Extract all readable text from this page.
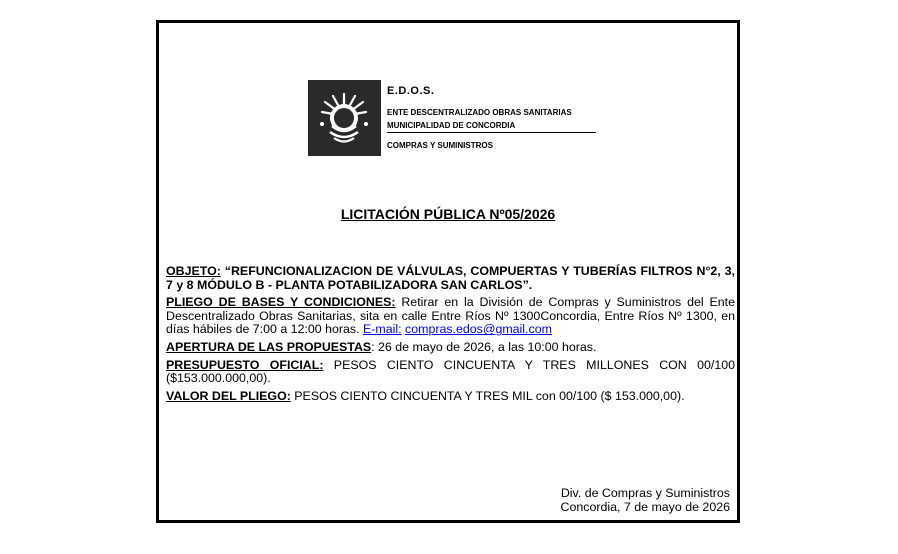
E.D.O.S.
ENTE DESCENTRALIZADO OBRAS SANITARIAS
MUNICIPALIDAD DE CONCORDIA
COMPRAS Y SUMINISTROS
LICITACIÓN PÚBLICA Nº05/2026

OBJETO: “REFUNCIONALIZACION DE VÁLVULAS, COMPUERTAS Y TUBERÍAS FILTROS N°2, 3, 7 y 8 MÓDULO B - PLANTA POTABILIZADORA SAN CARLOS”.

PLIEGO DE BASES Y CONDICIONES: Retirar en la División de Compras y Suministros del Ente Descentralizado Obras Sanitarias, sita en calle Entre Ríos Nº 1300Concordia, Entre Ríos Nº 1300, en días hábiles de 7:00 a 12:00 horas. E-mail: compras.edos@gmail.com

APERTURA DE LAS PROPUESTAS: 26 de mayo de 2026, a las 10:00 horas.

PRESUPUESTO OFICIAL: PESOS CIENTO CINCUENTA Y TRES MILLONES CON 00/100 ($153.000.000,00).

VALOR DEL PLIEGO: PESOS CIENTO CINCUENTA Y TRES MIL con 00/100 ($ 153.000,00).

Div. de Compras y Suministros
Concordia, 7 de mayo de 2026
